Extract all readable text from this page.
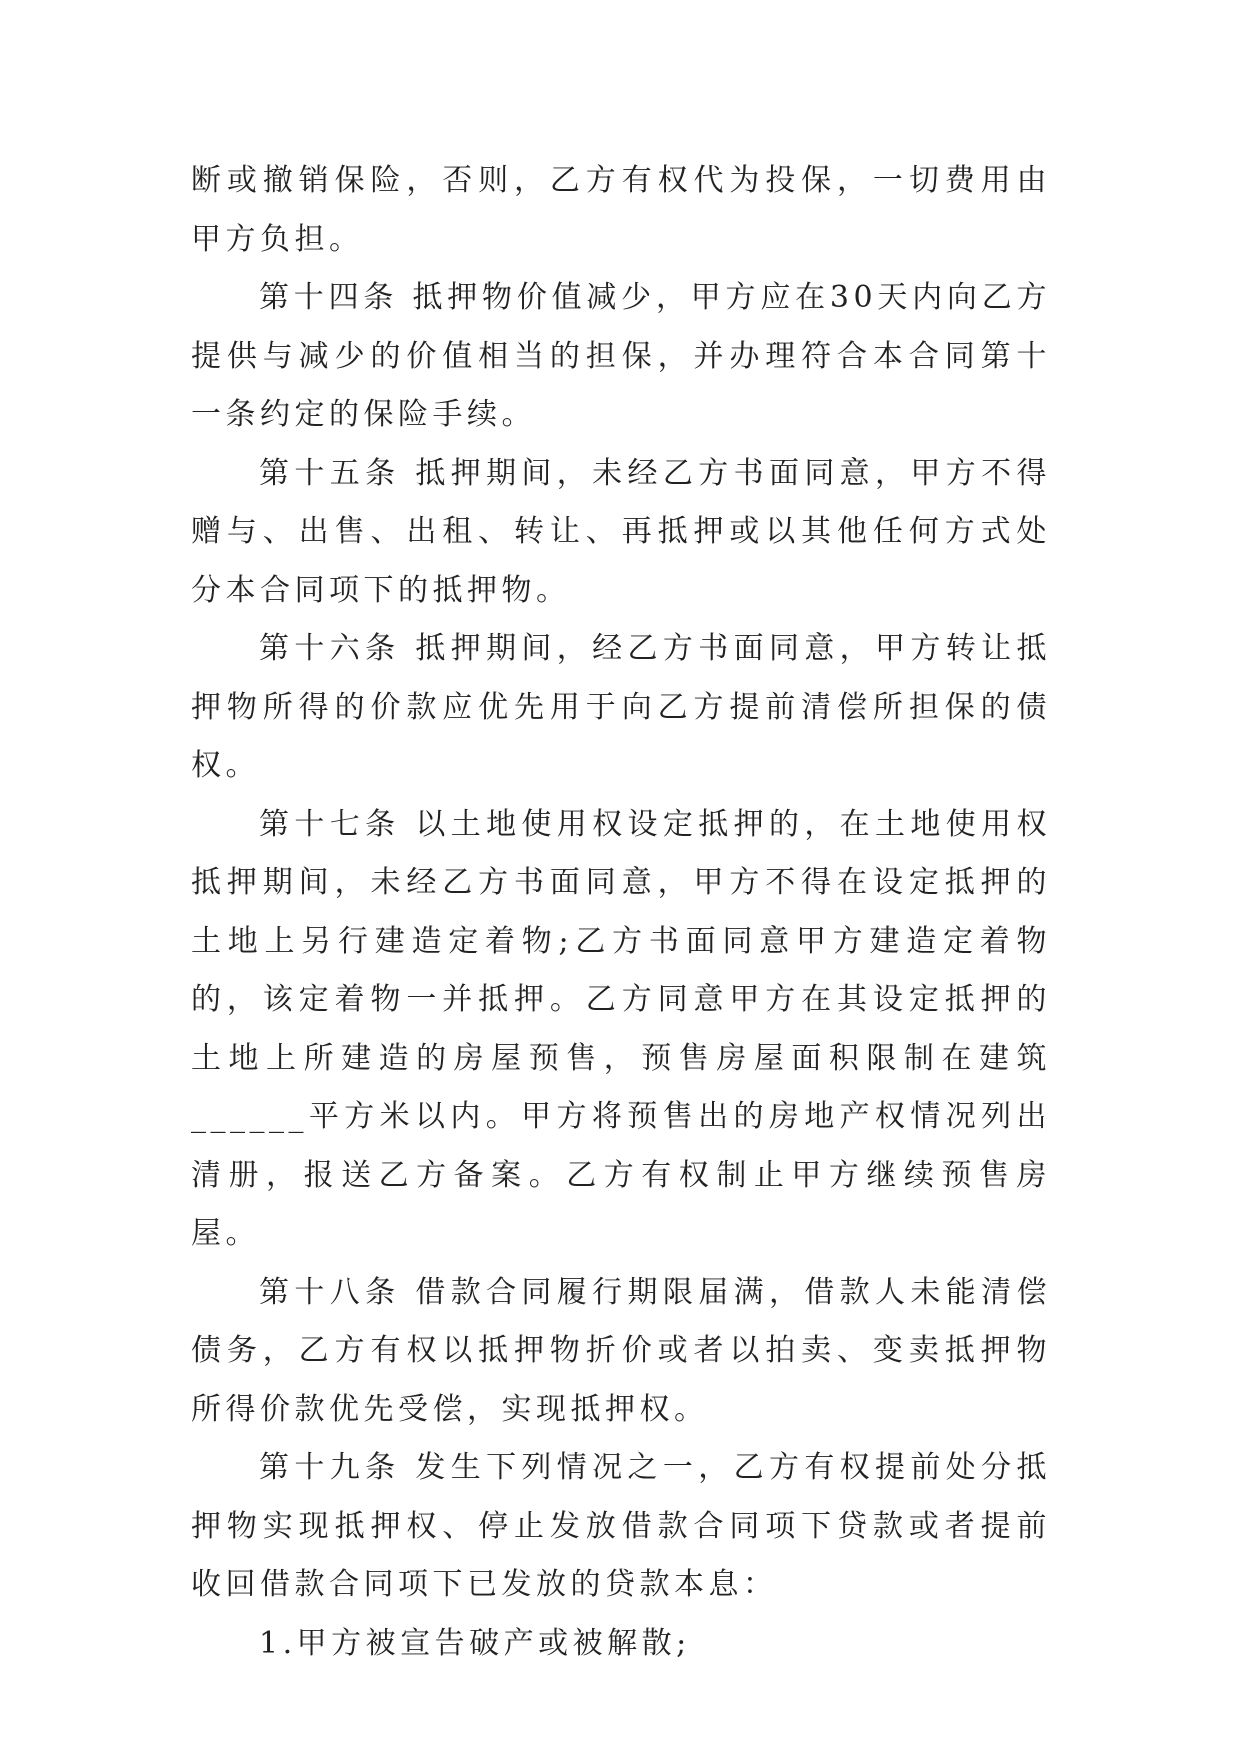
断或撤销保险，否则，乙方有权代为投保，一切费用由甲方负担。

第十四条 抵押物价值减少，甲方应在30天内向乙方提供与减少的价值相当的担保，并办理符合本合同第十一条约定的保险手续。

第十五条 抵押期间，未经乙方书面同意，甲方不得赠与、出售、出租、转让、再抵押或以其他任何方式处分本合同项下的抵押物。

第十六条 抵押期间，经乙方书面同意，甲方转让抵押物所得的价款应优先用于向乙方提前清偿所担保的债权。

第十七条 以土地使用权设定抵押的，在土地使用权抵押期间，未经乙方书面同意，甲方不得在设定抵押的土地上另行建造定着物;乙方书面同意甲方建造定着物的，该定着物一并抵押。乙方同意甲方在其设定抵押的土地上所建造的房屋预售，预售房屋面积限制在建筑______平方米以内。甲方将预售出的房地产权情况列出清册，报送乙方备案。乙方有权制止甲方继续预售房屋。

第十八条 借款合同履行期限届满，借款人未能清偿债务，乙方有权以抵押物折价或者以拍卖、变卖抵押物所得价款优先受偿，实现抵押权。

第十九条 发生下列情况之一，乙方有权提前处分抵押物实现抵押权、停止发放借款合同项下贷款或者提前收回借款合同项下已发放的贷款本息：

1.甲方被宣告破产或被解散;
